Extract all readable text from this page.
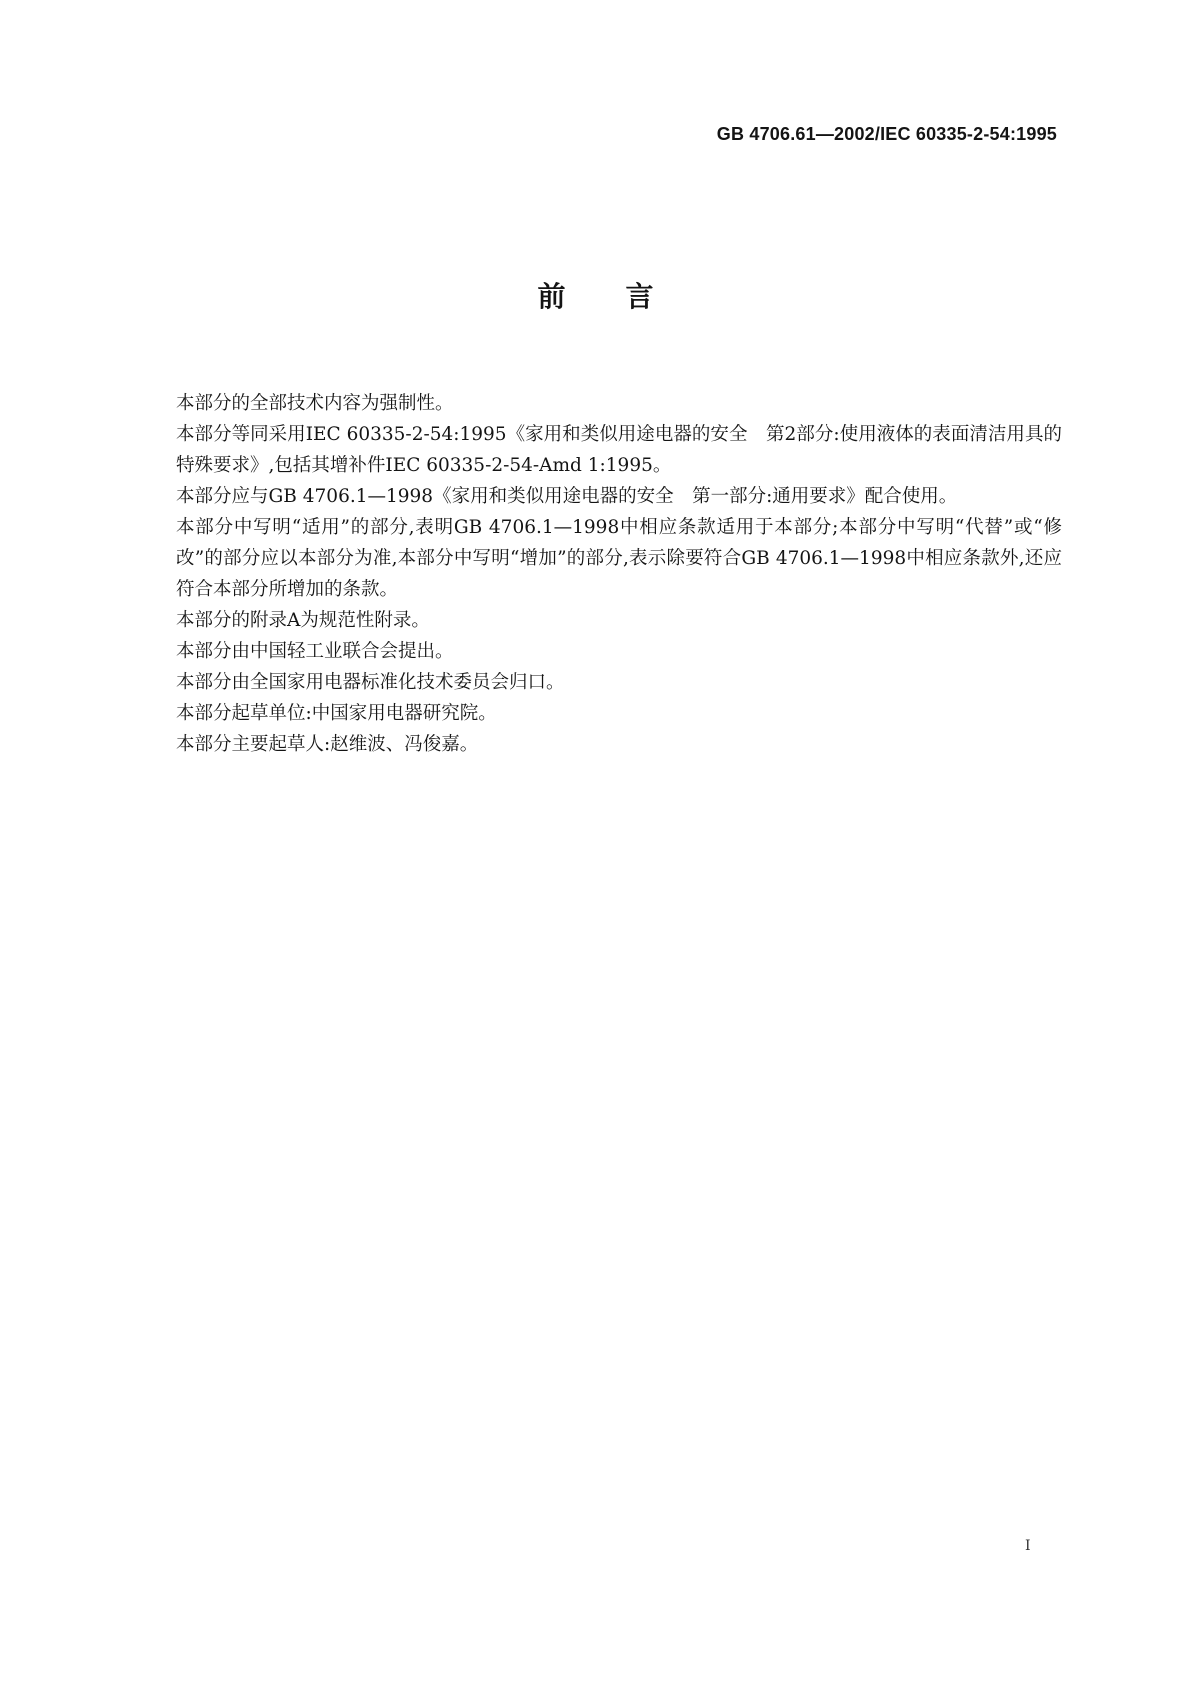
GB 4706.61—2002/IEC 60335-2-54:1995
前言

本部分的全部技术内容为强制性。

本部分等同采用IEC 60335-2-54:1995《家用和类似用途电器的安全　第2部分:使用液体的表面清洁用具的特殊要求》,包括其增补件IEC 60335-2-54-Amd 1:1995。

本部分应与GB 4706.1—1998《家用和类似用途电器的安全　第一部分:通用要求》配合使用。

本部分中写明“适用”的部分,表明GB 4706.1—1998中相应条款适用于本部分;本部分中写明“代替”或“修改”的部分应以本部分为准,本部分中写明“增加”的部分,表示除要符合GB 4706.1—1998中相应条款外,还应符合本部分所增加的条款。

本部分的附录A为规范性附录。

本部分由中国轻工业联合会提出。

本部分由全国家用电器标准化技术委员会归口。

本部分起草单位:中国家用电器研究院。

本部分主要起草人:赵维波、冯俊嘉。

I
